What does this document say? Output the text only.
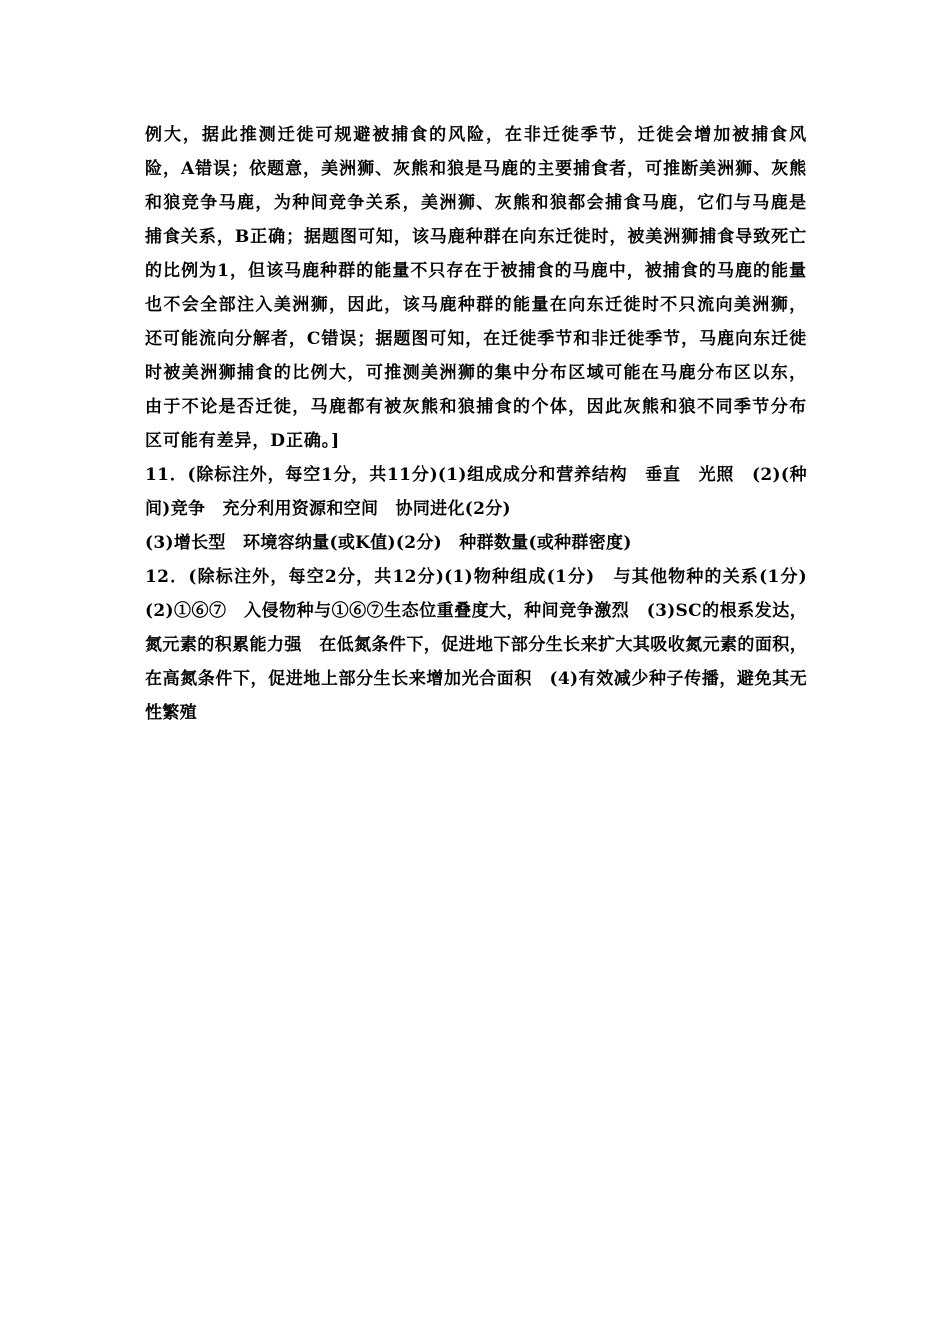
例大，据此推测迁徙可规避被捕食的风险，在非迁徙季节，迁徙会增加被捕食风险，A错误；依题意，美洲狮、灰熊和狼是马鹿的主要捕食者，可推断美洲狮、灰熊和狼竞争马鹿，为种间竞争关系，美洲狮、灰熊和狼都会捕食马鹿，它们与马鹿是捕食关系，B正确；据题图可知，该马鹿种群在向东迁徙时，被美洲狮捕食导致死亡的比例为1，但该马鹿种群的能量不只存在于被捕食的马鹿中，被捕食的马鹿的能量也不会全部注入美洲狮，因此，该马鹿种群的能量在向东迁徙时不只流向美洲狮，还可能流向分解者，C错误；据题图可知，在迁徙季节和非迁徙季节，马鹿向东迁徙时被美洲狮捕食的比例大，可推测美洲狮的集中分布区域可能在马鹿分布区以东，由于不论是否迁徙，马鹿都有被灰熊和狼捕食的个体，因此灰熊和狼不同季节分布区可能有差异，D正确。]

11．(除标注外，每空1分，共11分)(1)组成成分和营养结构　垂直　光照　(2)(种间)竞争　充分利用资源和空间　协同进化(2分)

(3)增长型　环境容纳量(或K值)(2分)　种群数量(或种群密度)

12．(除标注外，每空2分，共12分)(1)物种组成(1分)　与其他物种的关系(1分)　(2)①⑥⑦　入侵物种与①⑥⑦生态位重叠度大，种间竞争激烈　(3)SC的根系发达，氮元素的积累能力强　在低氮条件下，促进地下部分生长来扩大其吸收氮元素的面积，在高氮条件下，促进地上部分生长来增加光合面积　(4)有效减少种子传播，避免其无性繁殖
